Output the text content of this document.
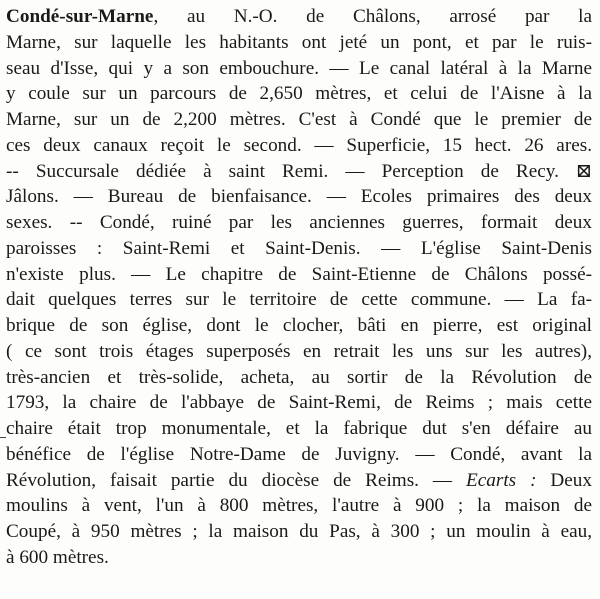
Condé-sur-Marne, au N.-O. de Châlons, arrosé par la
Marne, sur laquelle les habitants ont jeté un pont, et par le ruis-
seau d'Isse, qui y a son embouchure. — Le canal latéral à la Marne
y coule sur un parcours de 2,650 mètres, et celui de l'Aisne à la
Marne, sur un de 2,200 mètres. C'est à Condé que le premier de
ces deux canaux reçoit le second. — Superficie, 15 hect. 26 ares.
-- Succursale dédiée à saint Remi. — Perception de Recy. ⊠
Jâlons. — Bureau de bienfaisance. — Ecoles primaires des deux
sexes. -- Condé, ruiné par les anciennes guerres, formait deux
paroisses : Saint-Remi et Saint-Denis. — L'église Saint-Denis
n'existe plus. — Le chapitre de Saint-Etienne de Châlons possé-
dait quelques terres sur le territoire de cette commune. — La fa-
brique de son église, dont le clocher, bâti en pierre, est original
( ce sont trois étages superposés en retrait les uns sur les autres),
très-ancien et très-solide, acheta, au sortir de la Révolution de
1793, la chaire de l'abbaye de Saint-Remi, de Reims ; mais cette
chaire était trop monumentale, et la fabrique dut s'en défaire au
bénéfice de l'église Notre-Dame de Juvigny. — Condé, avant la
Révolution, faisait partie du diocèse de Reims. — Ecarts : Deux
moulins à vent, l'un à 800 mètres, l'autre à 900 ; la maison de
Coupé, à 950 mètres ; la maison du Pas, à 300 ; un moulin à eau,
à 600 mètres.
